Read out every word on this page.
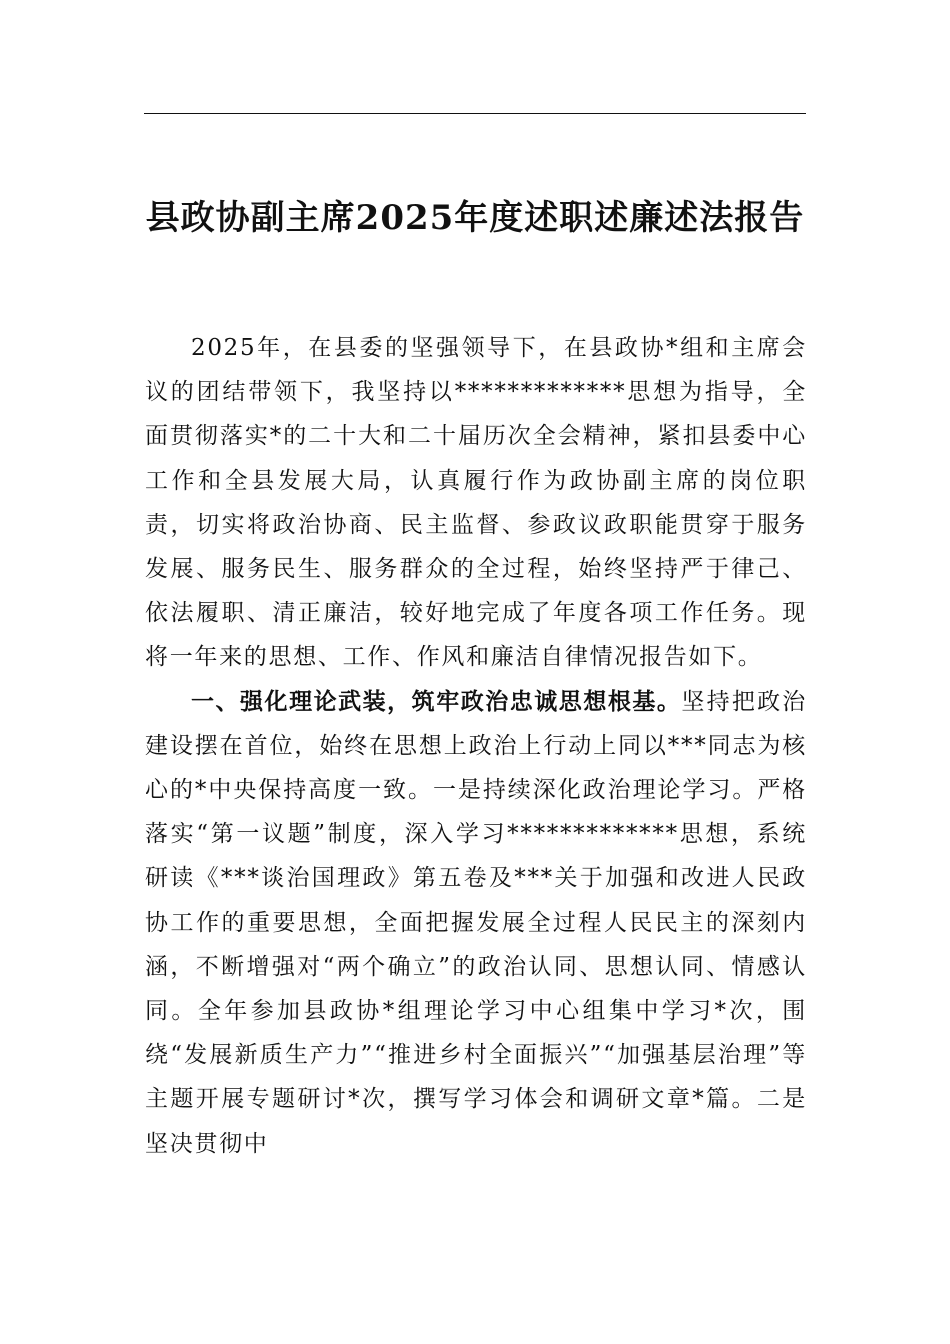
县政协副主席2025年度述职述廉述法报告

2025年，在县委的坚强领导下，在县政协*组和主席会议的团结带领下，我坚持以*************思想为指导，全面贯彻落实*的二十大和二十届历次全会精神，紧扣县委中心工作和全县发展大局，认真履行作为政协副主席的岗位职责，切实将政治协商、民主监督、参政议政职能贯穿于服务发展、服务民生、服务群众的全过程，始终坚持严于律己、依法履职、清正廉洁，较好地完成了年度各项工作任务。现将一年来的思想、工作、作风和廉洁自律情况报告如下。

一、强化理论武装，筑牢政治忠诚思想根基。坚持把政治建设摆在首位，始终在思想上政治上行动上同以***同志为核心的*中央保持高度一致。一是持续深化政治理论学习。严格落实“第一议题”制度，深入学习*************思想，系统研读《***谈治国理政》第五卷及***关于加强和改进人民政协工作的重要思想，全面把握发展全过程人民民主的深刻内涵，不断增强对“两个确立”的政治认同、思想认同、情感认同。全年参加县政协*组理论学习中心组集中学习*次，围绕“发展新质生产力”“推进乡村全面振兴”“加强基层治理”等主题开展专题研讨*次，撰写学习体会和调研文章*篇。二是坚决贯彻中
